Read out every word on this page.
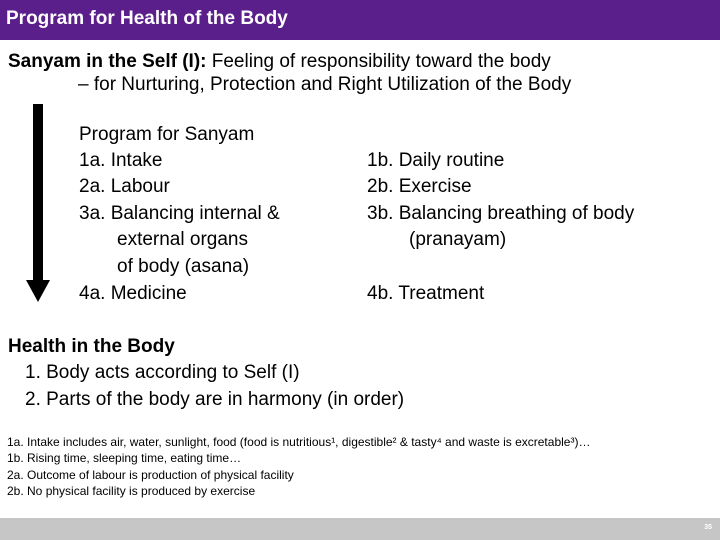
Program for Health of the Body
Sanyam in the Self (I): Feeling of responsibility toward the body
– for Nurturing, Protection and Right Utilization of the Body
Program for Sanyam
1a. Intake
2a. Labour
3a. Balancing internal &
external organs
of body (asana)
4a. Medicine
1b. Daily routine
2b. Exercise
3b. Balancing breathing of body
(pranayam)
4b. Treatment
Health in the Body
1. Body acts according to Self (I)
2. Parts of the body are in harmony (in order)
1a. Intake includes air, water, sunlight, food (food is nutritious¹, digestible² & tasty⁴ and waste is excretable³)…
1b. Rising time, sleeping time, eating time…
2a. Outcome of labour is production of physical facility
2b. No physical facility is produced by exercise
35
